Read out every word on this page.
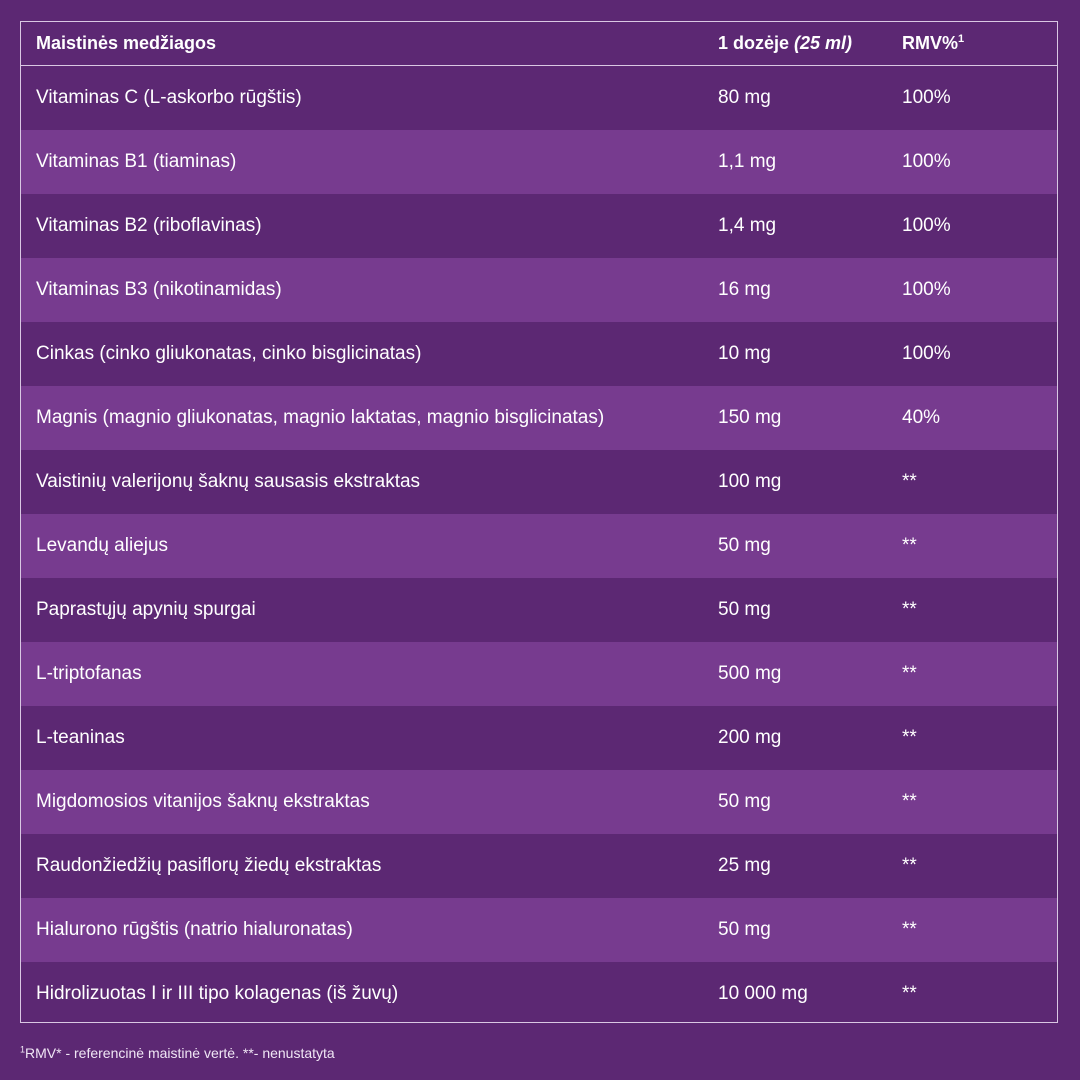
Maistinės medžiagos	1 dozėje (25 ml)	RMV%$^1$
Vitaminas C (L-askorbo rūgštis)	80 mg	100%
Vitaminas B1 (tiaminas)	1,1 mg	100%
Vitaminas B2 (riboflavinas)	1,4 mg	100%
Vitaminas B3 (nikotinamidas)	16 mg	100%
Cinkas (cinko gliukonatas, cinko bisglicinatas)	10 mg	100%
Magnis (magnio gliukonatas, magnio laktatas, magnio bisglicinatas)	150 mg	40%
Vaistinių valerijonų šaknų sausasis ekstraktas	100 mg	**
Levandų aliejus	50 mg	**
Paprastųjų apynių spurgai	50 mg	**
L-triptofanas	500 mg	**
L-teaninas	200 mg	**
Migdomosios vitanijos šaknų ekstraktas	50 mg	**
Raudonžiedžių pasiflorų žiedų ekstraktas	25 mg	**
Hialurono rūgštis (natrio hialuronatas)	50 mg	**
Hidrolizuotas I ir III tipo kolagenas (iš žuvų)	10 000 mg	**
$^1$RMV* - referencinė maistinė vertė. **- nenustatyta
